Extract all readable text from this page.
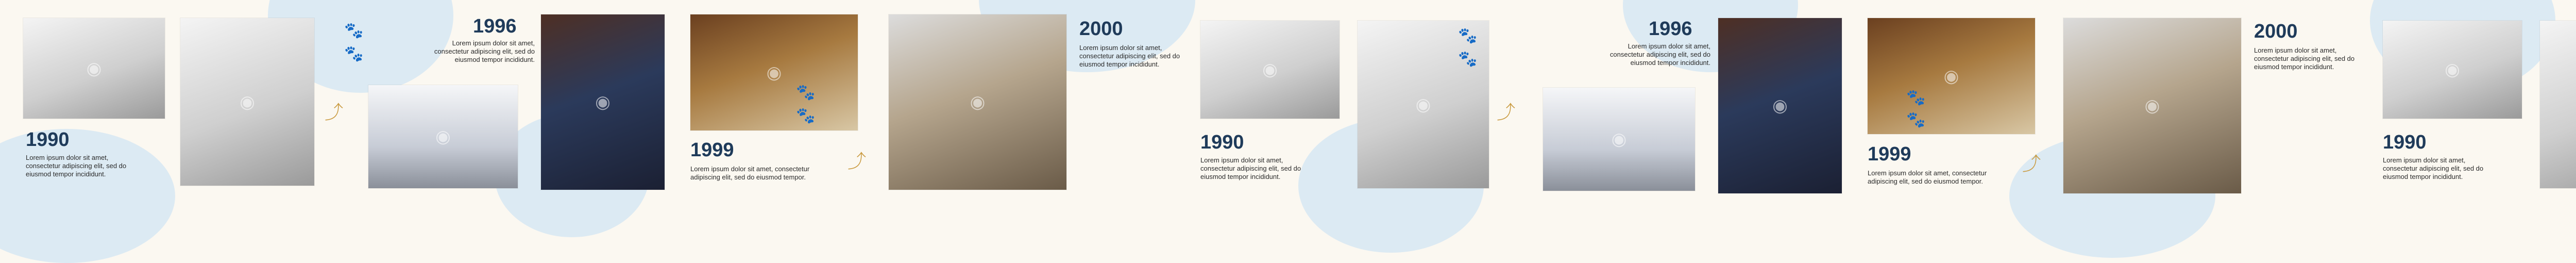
◉
1990
Lorem ipsum dolor sit amet, consectetur adipiscing elit, sed do eiusmod tempor incididunt.
◉
🐾
🐾
⤴
1996
Lorem ipsum dolor sit amet, consectetur adipiscing elit, sed do eiusmod tempor incididunt.
◉
◉
◉
🐾
🐾
1999
Lorem ipsum dolor sit amet, consectetur adipiscing elit, sed do eiusmod tempor.
⤴
◉
2000
Lorem ipsum dolor sit amet, consectetur adipiscing elit, sed do eiusmod tempor incididunt.	◉
1990
Lorem ipsum dolor sit amet, consectetur adipiscing elit, sed do eiusmod tempor incididunt.
◉
🐾
🐾
⤴
1996
Lorem ipsum dolor sit amet, consectetur adipiscing elit, sed do eiusmod tempor incididunt.
◉
◉
◉
🐾
🐾
1999
Lorem ipsum dolor sit amet, consectetur adipiscing elit, sed do eiusmod tempor.
⤴
◉
2000
Lorem ipsum dolor sit amet, consectetur adipiscing elit, sed do eiusmod tempor incididunt.	◉
1990
Lorem ipsum dolor sit amet, consectetur adipiscing elit, sed do eiusmod tempor incididunt.
